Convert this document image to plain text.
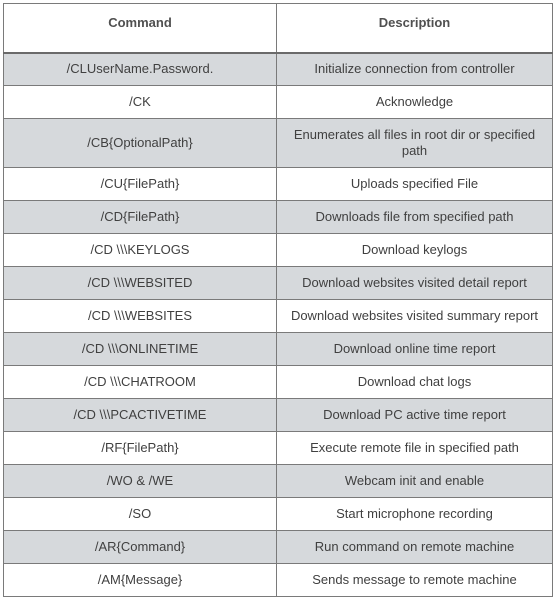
Command	Description
/CLUserName.Password.	Initialize connection from controller
/CK	Acknowledge
/CB{OptionalPath}	Enumerates all files in root dir or specified path
/CU{FilePath}	Uploads specified File
/CD{FilePath}	Downloads file from specified path
/CD \\\KEYLOGS	Download keylogs
/CD \\\WEBSITED	Download websites visited detail report
/CD \\\WEBSITES	Download websites visited summary report
/CD \\\ONLINETIME	Download online time report
/CD \\\CHATROOM	Download chat logs
/CD \\\PCACTIVETIME	Download PC active time report
/RF{FilePath}	Execute remote file in specified path
/WO & /WE	Webcam init and enable
/SO	Start microphone recording
/AR{Command}	Run command on remote machine
/AM{Message}	Sends message to remote machine
